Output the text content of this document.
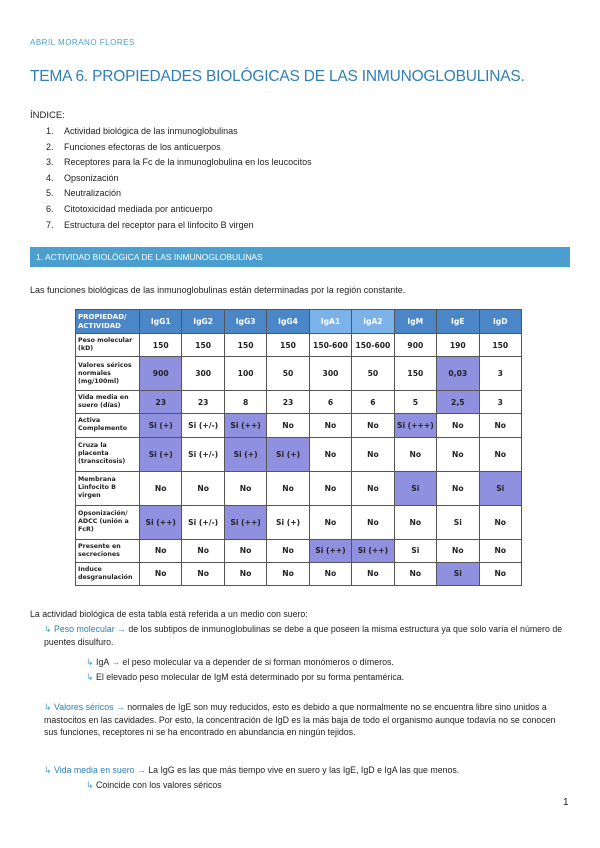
ABRIL MORANO FLORES
TEMA 6. PROPIEDADES BIOLÓGICAS DE LAS INMUNOGLOBULINAS.
ÍNDICE:
1. Actividad biológica de las inmunoglobulinas
2. Funciones efectoras de los anticuerpos
3. Receptores para la Fc de la inmunoglobulina en los leucocitos
4. Opsonización
5. Neutralización
6. Citotoxicidad mediada por anticuerpo
7. Estructura del receptor para el linfocito B virgen
1. ACTIVIDAD BIOLÓGICA DE LAS INMUNOGLOBULINAS
Las funciones biológicas de las inmunoglobulinas están determinadas por la región constante.
PROPIEDAD/ ACTIVIDAD	IgG1	IgG2	IgG3	IgG4	IgA1	IgA2	IgM	IgE	IgD
Peso molecular (kD)	150	150	150	150	150-600	150-600	900	190	150
Valores séricos normales (mg/100ml)	900	300	100	50	300	50	150	0,03	3
Vida media en suero (días)	23	23	8	23	6	6	5	2,5	3
Activa Complemento	Si (+)	Si (+/-)	Si (++)	No	No	No	Si (+++)	No	No
Cruza la placenta (transcitosis)	Si (+)	Si (+/-)	Si (+)	Si (+)	No	No	No	No	No
Membrana Linfocito B virgen	No	No	No	No	No	No	Si	No	Si
Opsonización/ ADCC (unión a FcR)	Si (++)	Si (+/-)	Si (++)	Si (+)	No	No	No	Si	No
Presente en secreciones	No	No	No	No	Si (++)	Si (++)	Si	No	No
Induce desgranulación	No	No	No	No	No	No	No	Si	No
La actividad biológica de esta tabla está referida a un medio con suero:
↳ Peso molecular → de los subtipos de inmunoglobulinas se debe a que poseen la misma estructura ya que solo varía el número de puentes disulfuro.
↳ IgA → el peso molecular va a depender de si forman monómeros o dímeros.
↳ El elevado peso molecular de IgM está determinado por su forma pentamérica.
↳ Valores séricos → normales de IgE son muy reducidos, esto es debido a que normalmente no se encuentra libre sino unidos a mastocitos en las cavidades. Por esto, la concentración de IgD es la más baja de todo el organismo aunque todavía no se conocen sus funciones, receptores ni se ha encontrado en abundancia en ningún tejidos.
↳ Vida media en suero → La IgG es las que más tiempo vive en suero y las IgE, IgD e IgA las que menos.
↳ Coincide con los valores séricos
1
